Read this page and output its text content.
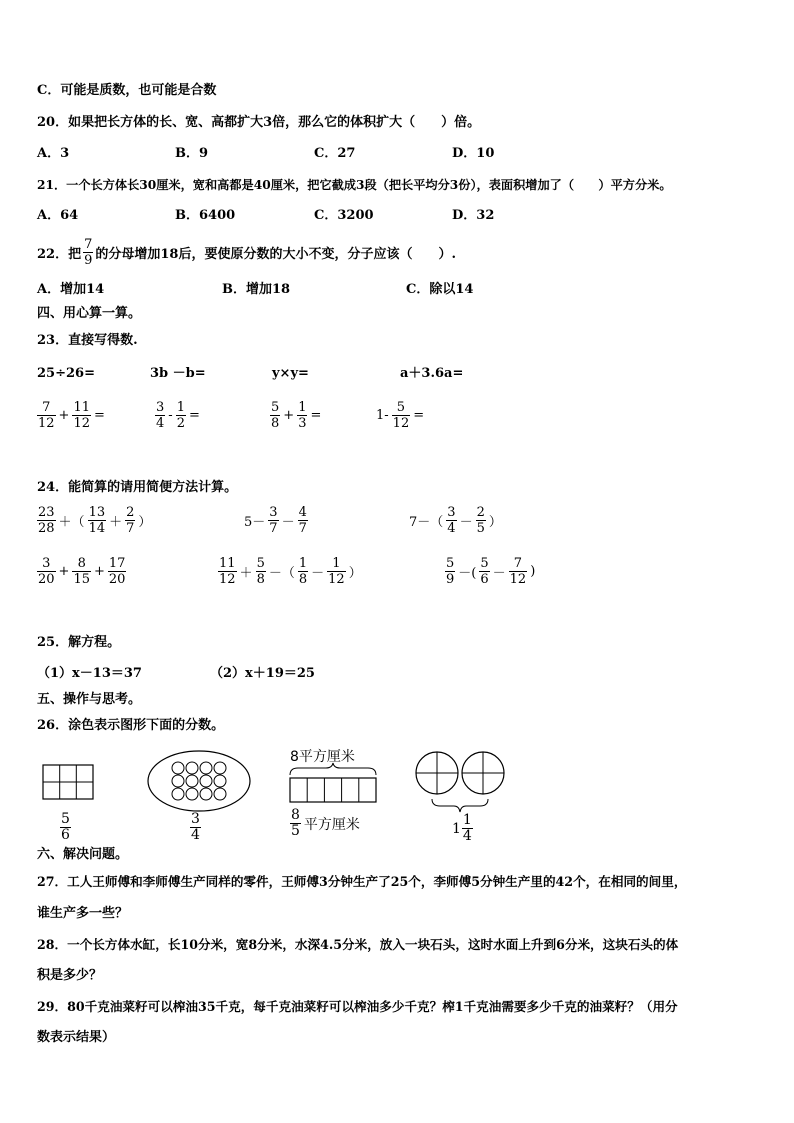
C．可能是质数，也可能是合数
20．如果把长方体的长、宽、高都扩大3倍，那么它的体积扩大（　　）倍。
A．3	B．9	C．27	D．10
21．一个长方体长30厘米，宽和高都是40厘米，把它截成3段（把长平均分3份），表面积增加了（　　）平方分米。
A．64	B．6400	C．3200	D．32
22．把 $\frac{7}{9}$ 的分母增加18后，要使原分数的大小不变，分子应该（　　）.
A．增加14	B．增加18	C．除以14
四、用心算一算。
23．直接写得数.
25÷26=	3b －b=	y×y=	a＋3.6a=
$\frac{7}{12} + \frac{11}{12}$ =	$\frac{3}{4} - \frac{1}{2}$ =	$\frac{5}{8} + \frac{1}{3}$ =	$1- \frac{5}{12}$ =
24．能简算的请用简便方法计算。
$\frac{23}{28}$ ＋（ $\frac{13}{14} + \frac{2}{7}$ ）	$5- \frac{3}{7} - \frac{4}{7}$	$7-( \frac{3}{4} - \frac{2}{5}$ ）
$\frac{3}{20} + \frac{8}{15} + \frac{17}{20}$	$\frac{11}{12} + \frac{5}{8}$ －（ $\frac{1}{8} - \frac{1}{12}$ ）	$\frac{5}{9}$ －( $\frac{5}{6} - \frac{7}{12}$ )
25．解方程。
（1）x－13＝37	（2）x＋19＝25
五、操作与思考。
26．涂色表示图形下面的分数。
$\frac{5}{6}$	$\frac{3}{4}$
8平方厘米
$\frac{8}{5}$ 平方厘米	$1 \frac{1}{4}$
六、解决问题。
27．工人王师傅和李师傅生产同样的零件，王师傅3分钟生产了25个，李师傅5分钟生产里的42个，在相同的间里，
谁生产多一些？
28．一个长方体水缸，长10分米，宽8分米，水深4.5分米，放入一块石头，这时水面上升到6分米，这块石头的体
积是多少？
29．80千克油菜籽可以榨油35千克，每千克油菜籽可以榨油多少千克？榨1千克油需要多少千克的油菜籽？（用分
数表示结果）
